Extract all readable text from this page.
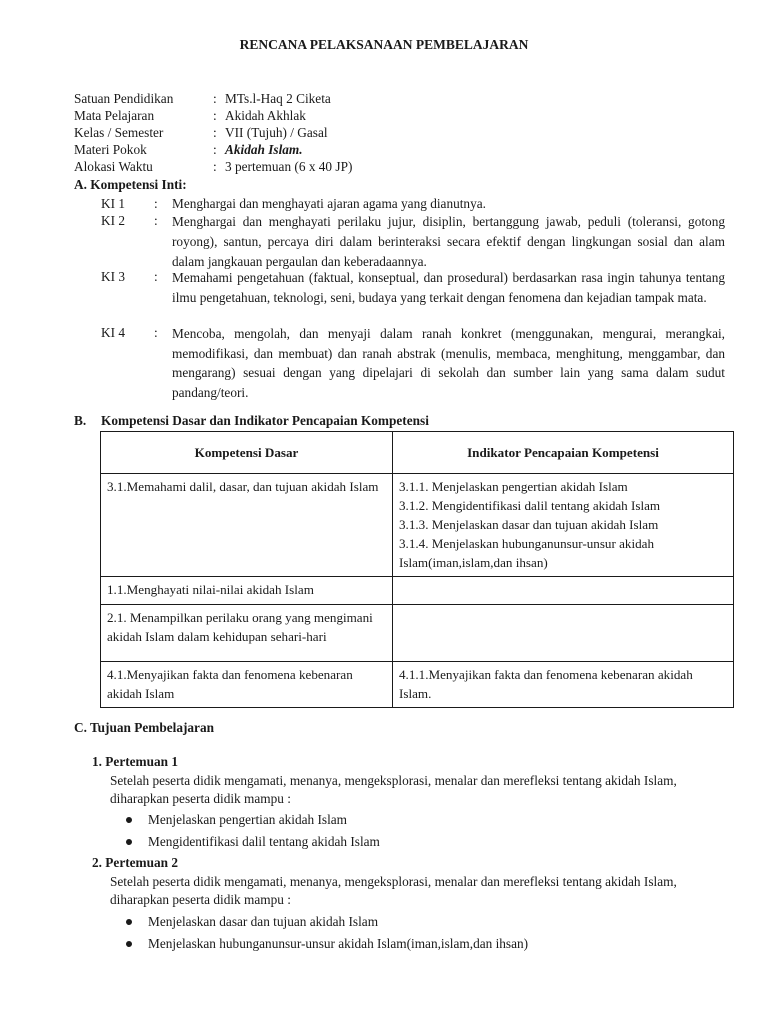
RENCANA PELAKSANAAN PEMBELAJARAN
Satuan Pendidikan	: MTs.l-Haq 2 Ciketa
Mata Pelajaran	: Akidah Akhlak
Kelas / Semester	: VII (Tujuh) / Gasal
Materi Pokok	: Akidah Islam.
Alokasi Waktu	: 3 pertemuan (6 x 40 JP)
A. Kompetensi Inti:
KI 1 : Menghargai dan menghayati ajaran agama yang dianutnya.
KI 2 : Menghargai dan menghayati perilaku jujur, disiplin, bertanggung jawab, peduli (toleransi, gotong royong), santun, percaya diri dalam berinteraksi secara efektif dengan lingkungan sosial dan alam dalam jangkauan pergaulan dan keberadaannya.
KI 3 : Memahami pengetahuan (faktual, konseptual, dan prosedural) berdasarkan rasa ingin tahunya tentang ilmu pengetahuan, teknologi, seni, budaya yang terkait dengan fenomena dan kejadian tampak mata.
KI 4 : Mencoba, mengolah, dan menyaji dalam ranah konkret (menggunakan, mengurai, merangkai, memodifikasi, dan membuat) dan ranah abstrak (menulis, membaca, menghitung, menggambar, dan mengarang) sesuai dengan yang dipelajari di sekolah dan sumber lain yang sama dalam sudut pandang/teori.
B. Kompetensi Dasar dan Indikator Pencapaian Kompetensi
Kompetensi Dasar	Indikator Pencapaian Kompetensi
3.1.Memahami dalil, dasar, dan tujuan akidah Islam	3.1.1. Menjelaskan pengertian akidah Islam
3.1.2. Mengidentifikasi dalil tentang akidah Islam
3.1.3. Menjelaskan dasar dan tujuan akidah Islam
3.1.4. Menjelaskan hubunganunsur-unsur akidah Islam(iman,islam,dan ihsan)

1.1.Menghayati nilai-nilai akidah Islam	
2.1. Menampilkan perilaku orang yang mengimani akidah Islam dalam kehidupan sehari-hari	
4.1.Menyajikan fakta dan fenomena kebenaran akidah Islam	4.1.1.Menyajikan fakta dan fenomena kebenaran akidah Islam.
C. Tujuan Pembelajaran
1. Pertemuan 1
Setelah peserta didik mengamati, menanya, mengeksplorasi, menalar dan merefleksi tentang akidah Islam, diharapkan peserta didik mampu :
Menjelaskan pengertian akidah Islam
Mengidentifikasi dalil tentang akidah Islam
2. Pertemuan 2
Setelah peserta didik mengamati, menanya, mengeksplorasi, menalar dan merefleksi tentang akidah Islam, diharapkan peserta didik mampu :
Menjelaskan dasar dan tujuan akidah Islam
Menjelaskan hubunganunsur-unsur akidah Islam(iman,islam,dan ihsan)
